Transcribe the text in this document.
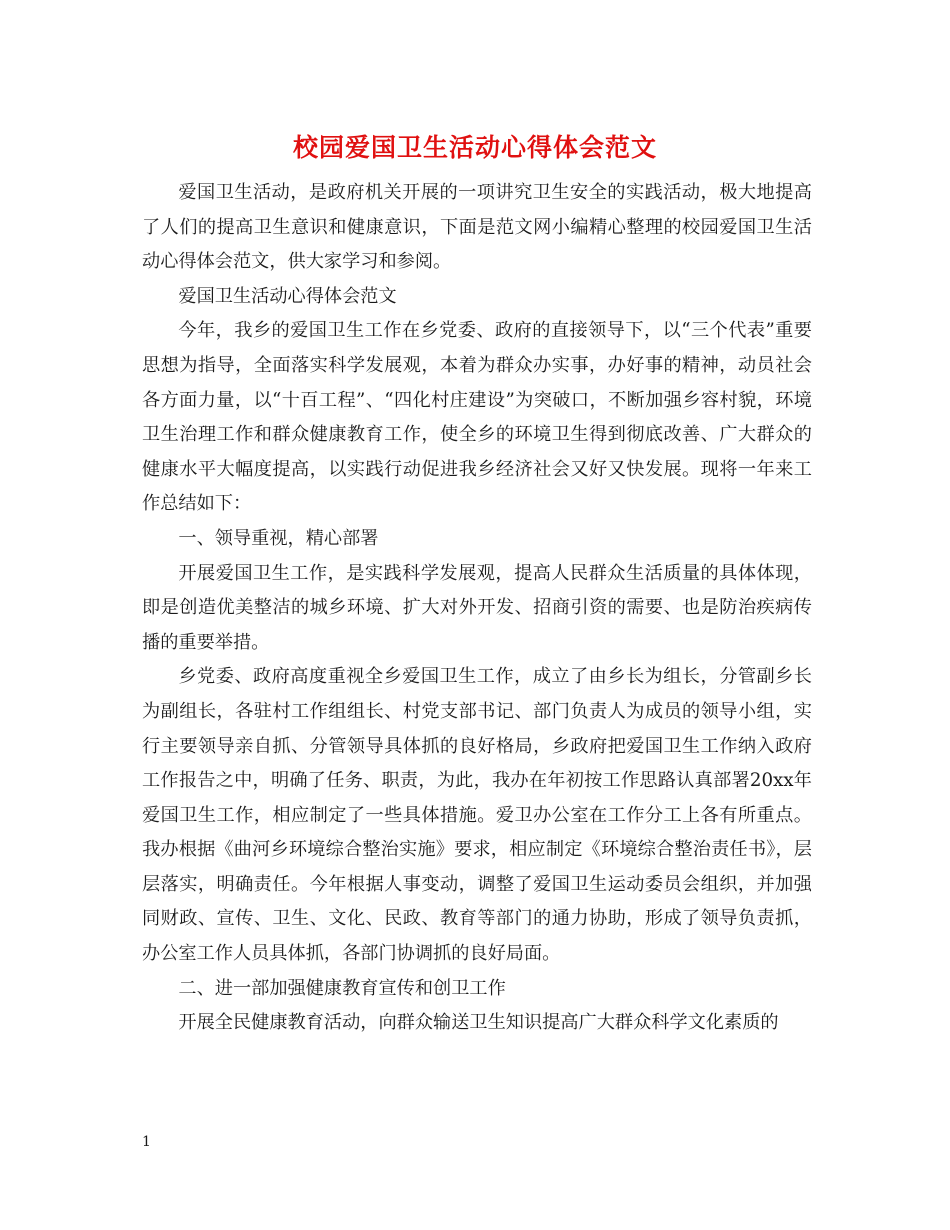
校园爱国卫生活动心得体会范文

爱国卫生活动，是政府机关开展的一项讲究卫生安全的实践活动，极大地提高了人们的提高卫生意识和健康意识，下面是范文网小编精心整理的校园爱国卫生活动心得体会范文，供大家学习和参阅。

爱国卫生活动心得体会范文

今年，我乡的爱国卫生工作在乡党委、政府的直接领导下，以“三个代表”重要思想为指导，全面落实科学发展观，本着为群众办实事，办好事的精神，动员社会各方面力量，以“十百工程”、“四化村庄建设”为突破口，不断加强乡容村貌，环境卫生治理工作和群众健康教育工作，使全乡的环境卫生得到彻底改善、广大群众的健康水平大幅度提高，以实践行动促进我乡经济社会又好又快发展。现将一年来工作总结如下：

一、领导重视，精心部署

开展爱国卫生工作，是实践科学发展观，提高人民群众生活质量的具体体现，即是创造优美整洁的城乡环境、扩大对外开发、招商引资的需要、也是防治疾病传播的重要举措。

乡党委、政府高度重视全乡爱国卫生工作，成立了由乡长为组长，分管副乡长为副组长，各驻村工作组组长、村党支部书记、部门负责人为成员的领导小组，实行主要领导亲自抓、分管领导具体抓的良好格局，乡政府把爱国卫生工作纳入政府工作报告之中，明确了任务、职责，为此，我办在年初按工作思路认真部署20xx年爱国卫生工作，相应制定了一些具体措施。爱卫办公室在工作分工上各有所重点。我办根据《曲河乡环境综合整治实施》要求，相应制定《环境综合整治责任书》，层层落实，明确责任。今年根据人事变动，调整了爱国卫生运动委员会组织，并加强同财政、宣传、卫生、文化、民政、教育等部门的通力协助，形成了领导负责抓，办公室工作人员具体抓，各部门协调抓的良好局面。

二、进一部加强健康教育宣传和创卫工作

开展全民健康教育活动，向群众输送卫生知识提高广大群众科学文化素质的

1
